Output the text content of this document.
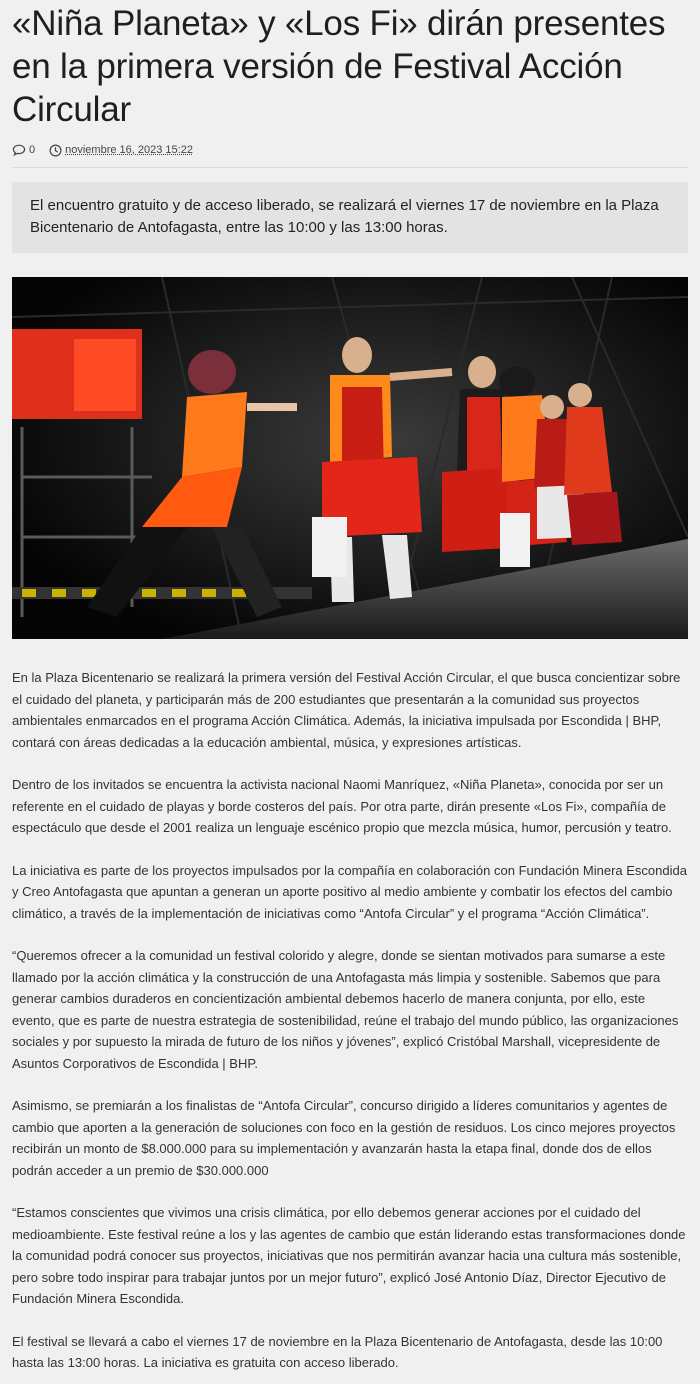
«Niña Planeta» y «Los Fi» dirán presentes en la primera versión de Festival Acción Circular
0	noviembre 16, 2023 15:22
El encuentro gratuito y de acceso liberado, se realizará el viernes 17 de noviembre en la Plaza Bicentenario de Antofagasta, entre las 10:00 y las 13:00 horas.

En la Plaza Bicentenario se realizará la primera versión del Festival Acción Circular, el que busca concientizar sobre el cuidado del planeta, y participarán más de 200 estudiantes que presentarán a la comunidad sus proyectos ambientales enmarcados en el programa Acción Climática. Además, la iniciativa impulsada por Escondida | BHP, contará con áreas dedicadas a la educación ambiental, música, y expresiones artísticas.

Dentro de los invitados se encuentra la activista nacional Naomi Manríquez, «Niña Planeta», conocida por ser un referente en el cuidado de playas y borde costeros del país. Por otra parte, dirán presente «Los Fi», compañía de espectáculo que desde el 2001 realiza un lenguaje escénico propio que mezcla música, humor, percusión y teatro.

La iniciativa es parte de los proyectos impulsados por la compañía en colaboración con Fundación Minera Escondida y Creo Antofagasta que apuntan a generan un aporte positivo al medio ambiente y combatir los efectos del cambio climático, a través de la implementación de iniciativas como “Antofa Circular” y el programa “Acción Climática”.

“Queremos ofrecer a la comunidad un festival colorido y alegre, donde se sientan motivados para sumarse a este llamado por la acción climática y la construcción de una Antofagasta más limpia y sostenible. Sabemos que para generar cambios duraderos en concientización ambiental debemos hacerlo de manera conjunta, por ello, este evento, que es parte de nuestra estrategia de sostenibilidad, reúne el trabajo del mundo público, las organizaciones sociales y por supuesto la mirada de futuro de los niños y jóvenes”, explicó Cristóbal Marshall, vicepresidente de Asuntos Corporativos de Escondida | BHP.

Asimismo, se premiarán a los finalistas de “Antofa Circular”, concurso dirigido a líderes comunitarios y agentes de cambio que aporten a la generación de soluciones con foco en la gestión de residuos. Los cinco mejores proyectos recibirán un monto de $8.000.000 para su implementación y avanzarán hasta la etapa final, donde dos de ellos podrán acceder a un premio de $30.000.000

“Estamos conscientes que vivimos una crisis climática, por ello debemos generar acciones por el cuidado del medioambiente. Este festival reúne a los y las agentes de cambio que están liderando estas transformaciones donde la comunidad podrá conocer sus proyectos, iniciativas que nos permitirán avanzar hacia una cultura más sostenible, pero sobre todo inspirar para trabajar juntos por un mejor futuro”, explicó José Antonio Díaz, Director Ejecutivo de Fundación Minera Escondida.

El festival se llevará a cabo el viernes 17 de noviembre en la Plaza Bicentenario de Antofagasta, desde las 10:00 hasta las 13:00 horas. La iniciativa es gratuita con acceso liberado.
